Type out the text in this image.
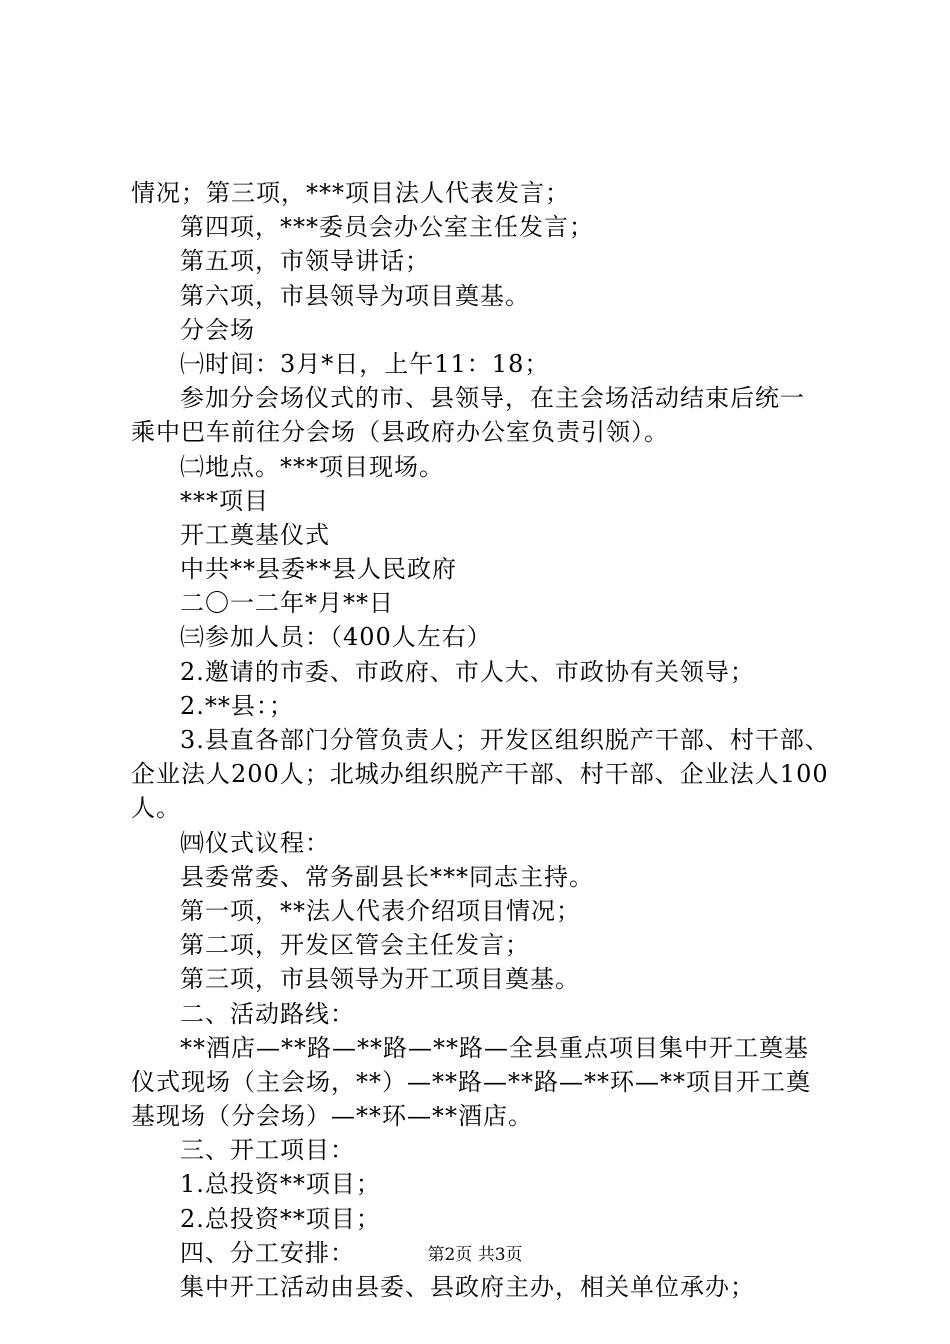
情况；第三项，***项目法人代表发言；
第四项，***委员会办公室主任发言；
第五项，市领导讲话；
第六项，市县领导为项目奠基。
分会场
㈠时间：3月*日，上午11：18；
参加分会场仪式的市、县领导，在主会场活动结束后统一
乘中巴车前往分会场（县政府办公室负责引领）。
㈡地点。***项目现场。
***项目
开工奠基仪式
中共**县委**县人民政府
二〇一二年*月**日
㈢参加人员：（400人左右）
2.邀请的市委、市政府、市人大、市政协有关领导；
2.**县：；
3.县直各部门分管负责人；开发区组织脱产干部、村干部、
企业法人200人；北城办组织脱产干部、村干部、企业法人100
人。
㈣仪式议程：
县委常委、常务副县长***同志主持。
第一项，**法人代表介绍项目情况；
第二项，开发区管会主任发言；
第三项，市县领导为开工项目奠基。
二、活动路线：
**酒店—**路—**路—**路—全县重点项目集中开工奠基
仪式现场（主会场，**）—**路—**路—**环—**项目开工奠
基现场（分会场）—**环—**酒店。
三、开工项目：
1.总投资**项目；
2.总投资**项目；
四、分工安排：
集中开工活动由县委、县政府主办，相关单位承办；
第2页 共3页
